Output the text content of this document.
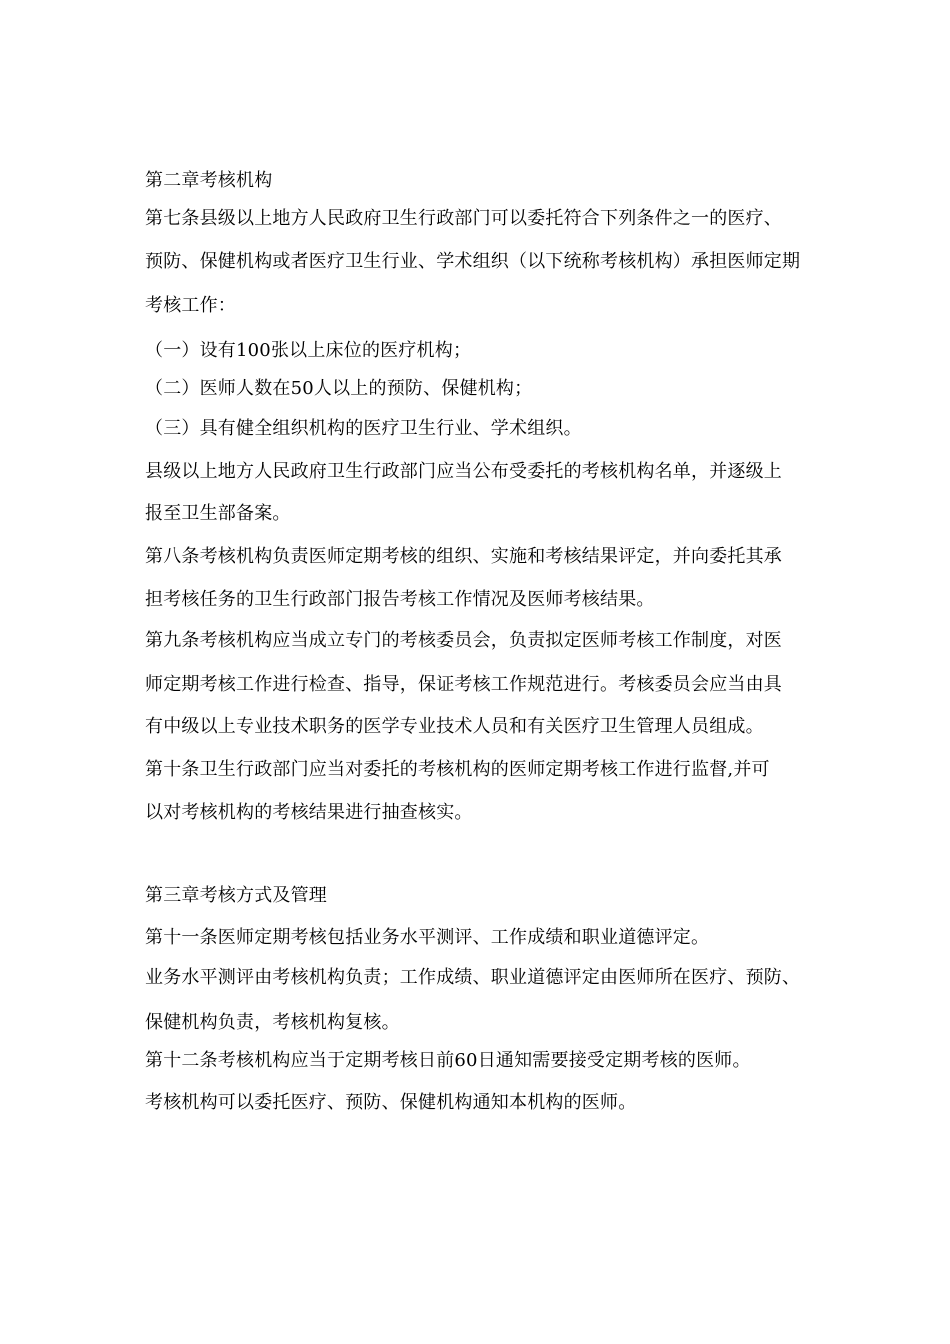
第二章考核机构
第七条县级以上地方人民政府卫生行政部门可以委托符合下列条件之一的医疗、
预防、保健机构或者医疗卫生行业、学术组织（以下统称考核机构）承担医师定期
考核工作：
（一）设有100张以上床位的医疗机构；
（二）医师人数在50人以上的预防、保健机构；
（三）具有健全组织机构的医疗卫生行业、学术组织。
县级以上地方人民政府卫生行政部门应当公布受委托的考核机构名单，并逐级上
报至卫生部备案。
第八条考核机构负责医师定期考核的组织、实施和考核结果评定，并向委托其承
担考核任务的卫生行政部门报告考核工作情况及医师考核结果。
第九条考核机构应当成立专门的考核委员会，负责拟定医师考核工作制度，对医
师定期考核工作进行检查、指导，保证考核工作规范进行。考核委员会应当由具
有中级以上专业技术职务的医学专业技术人员和有关医疗卫生管理人员组成。
第十条卫生行政部门应当对委托的考核机构的医师定期考核工作进行监督,并可
以对考核机构的考核结果进行抽查核实。
第三章考核方式及管理
第十一条医师定期考核包括业务水平测评、工作成绩和职业道德评定。
业务水平测评由考核机构负责；工作成绩、职业道德评定由医师所在医疗、预防、
保健机构负责，考核机构复核。
第十二条考核机构应当于定期考核日前60日通知需要接受定期考核的医师。
考核机构可以委托医疗、预防、保健机构通知本机构的医师。
